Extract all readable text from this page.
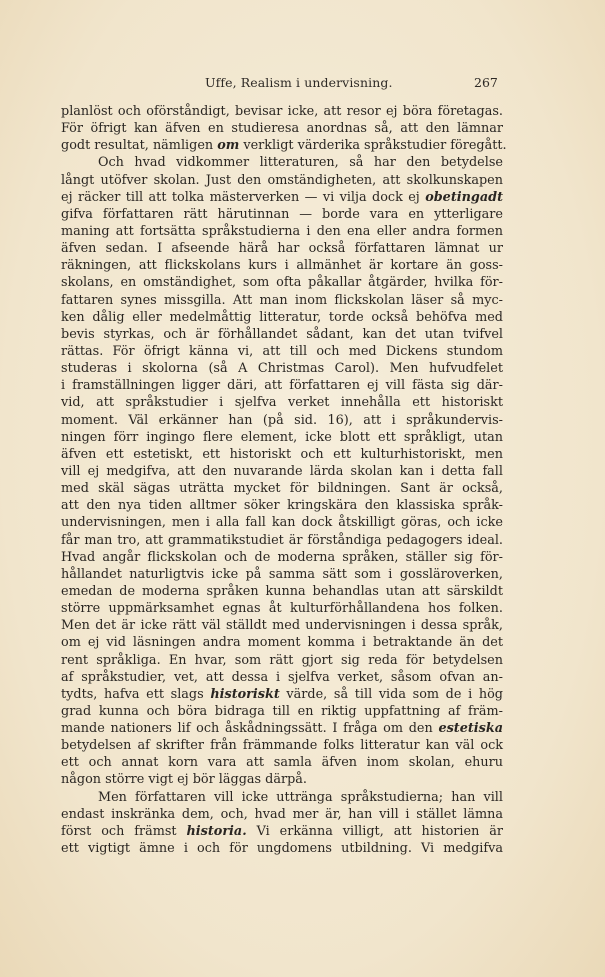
Uffe, Realism i undervisning.	267
planlöst och oförståndigt, bevisar icke, att resor ej böra företagas.
För öfrigt kan äfven en studieresa anordnas så, att den lämnar
godt resultat, nämligen om verkligt värderika språkstudier föregått.
Och hvad vidkommer litteraturen, så har den betydelse
långt utöfver skolan. Just den omständigheten, att skolkunskapen
ej räcker till att tolka mästerverken — vi vilja dock ej obetingadt
gifva författaren rätt härutinnan — borde vara en ytterligare
maning att fortsätta språkstudierna i den ena eller andra formen
äfven sedan. I afseende härå har också författaren lämnat ur
räkningen, att flickskolans kurs i allmänhet är kortare än goss-
skolans, en omständighet, som ofta påkallar åtgärder, hvilka för-
fattaren synes missgilla. Att man inom flickskolan läser så myc-
ken dålig eller medelmåttig litteratur, torde också behöfva med
bevis styrkas, och är förhållandet sådant, kan det utan tvifvel
rättas. För öfrigt känna vi, att till och med Dickens stundom
studeras i skolorna (så A Christmas Carol). Men hufvudfelet
i framställningen ligger däri, att författaren ej vill fästa sig där-
vid, att språkstudier i sjelfva verket innehålla ett historiskt
moment. Väl erkänner han (på sid. 16), att i språkundervis-
ningen förr ingingo flere element, icke blott ett språkligt, utan
äfven ett estetiskt, ett historiskt och ett kulturhistoriskt, men
vill ej medgifva, att den nuvarande lärda skolan kan i detta fall
med skäl sägas uträtta mycket för bildningen. Sant är också,
att den nya tiden alltmer söker kringskära den klassiska språk-
undervisningen, men i alla fall kan dock åtskilligt göras, och icke
får man tro, att grammatikstudiet är förståndiga pedagogers ideal.
Hvad angår flickskolan och de moderna språken, ställer sig för-
hållandet naturligtvis icke på samma sätt som i gossläroverken,
emedan de moderna språken kunna behandlas utan att särskildt
större uppmärksamhet egnas åt kulturförhållandena hos folken.
Men det är icke rätt väl ställdt med undervisningen i dessa språk,
om ej vid läsningen andra moment komma i betraktande än det
rent språkliga. En hvar, som rätt gjort sig reda för betydelsen
af språkstudier, vet, att dessa i sjelfva verket, såsom ofvan an-
tydts, hafva ett slags historiskt värde, så till vida som de i hög
grad kunna och böra bidraga till en riktig uppfattning af främ-
mande nationers lif och åskådningssätt. I fråga om den estetiska
betydelsen af skrifter från främmande folks litteratur kan väl ock
ett och annat korn vara att samla äfven inom skolan, ehuru
någon större vigt ej bör läggas därpå.
Men författaren vill icke uttränga språkstudierna; han vill
endast inskränka dem, och, hvad mer är, han vill i stället lämna
först och främst historia. Vi erkänna villigt, att historien är
ett vigtigt ämne i och för ungdomens utbildning. Vi medgifva
